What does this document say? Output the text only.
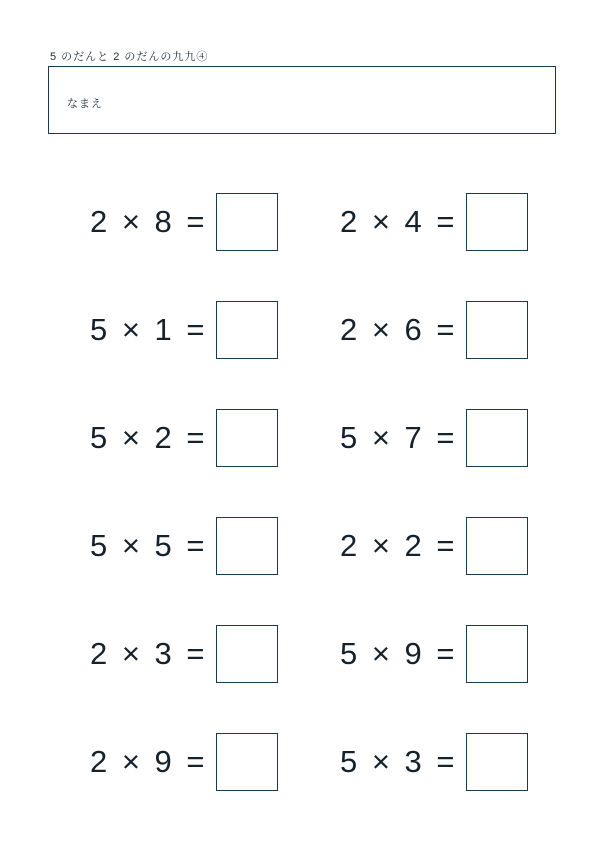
5 のだんと 2 のだんの九九④
なまえ
2 × 8 =	2 × 4 =
5 × 1 =	2 × 6 =
5 × 2 =	5 × 7 =
5 × 5 =	2 × 2 =
2 × 3 =	5 × 9 =
2 × 9 =	5 × 3 =
